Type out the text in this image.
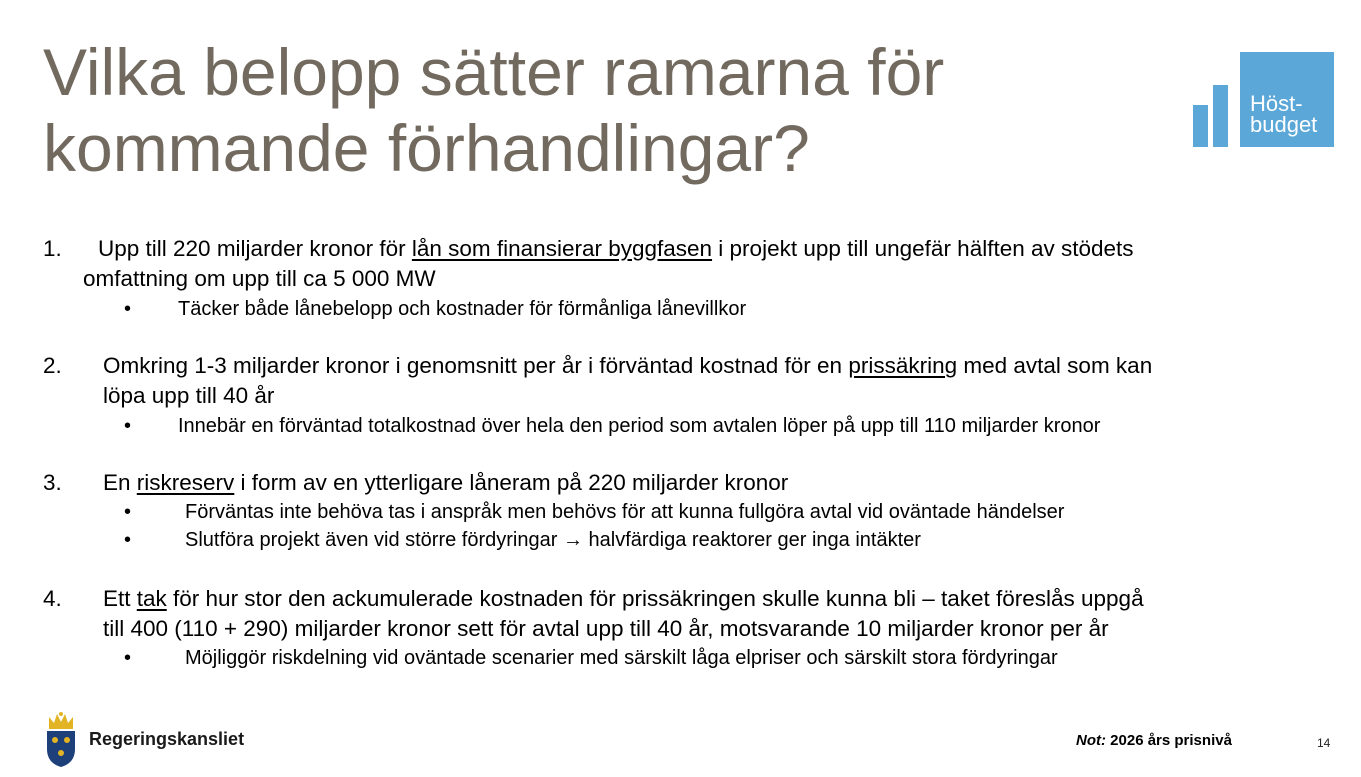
Vilka belopp sätter ramarna för
kommande förhandlingar?
Höst-
budget
1. Upp till 220 miljarder kronor för lån som finansierar byggfasen i projekt upp till ungefär hälften av stödets
omfattning om upp till ca 5 000 MW
• Täcker både lånebelopp och kostnader för förmånliga lånevillkor
2. Omkring 1-3 miljarder kronor i genomsnitt per år i förväntad kostnad för en prissäkring med avtal som kan
löpa upp till 40 år
• Innebär en förväntad totalkostnad över hela den period som avtalen löper på upp till 110 miljarder kronor
3. En riskreserv i form av en ytterligare låneram på 220 miljarder kronor
•	Förväntas inte behöva tas i anspråk men behövs för att kunna fullgöra avtal vid oväntade händelser
•	Slutföra projekt även vid större fördyringar → halvfärdiga reaktorer ger inga intäkter
4. Ett tak för hur stor den ackumulerade kostnaden för prissäkringen skulle kunna bli – taket föreslås uppgå
till 400 (110 + 290) miljarder kronor sett för avtal upp till 40 år, motsvarande 10 miljarder kronor per år
•	Möjliggör riskdelning vid oväntade scenarier med särskilt låga elpriser och särskilt stora fördyringar
Regeringskansliet	Not: 2026 års prisnivå	14
